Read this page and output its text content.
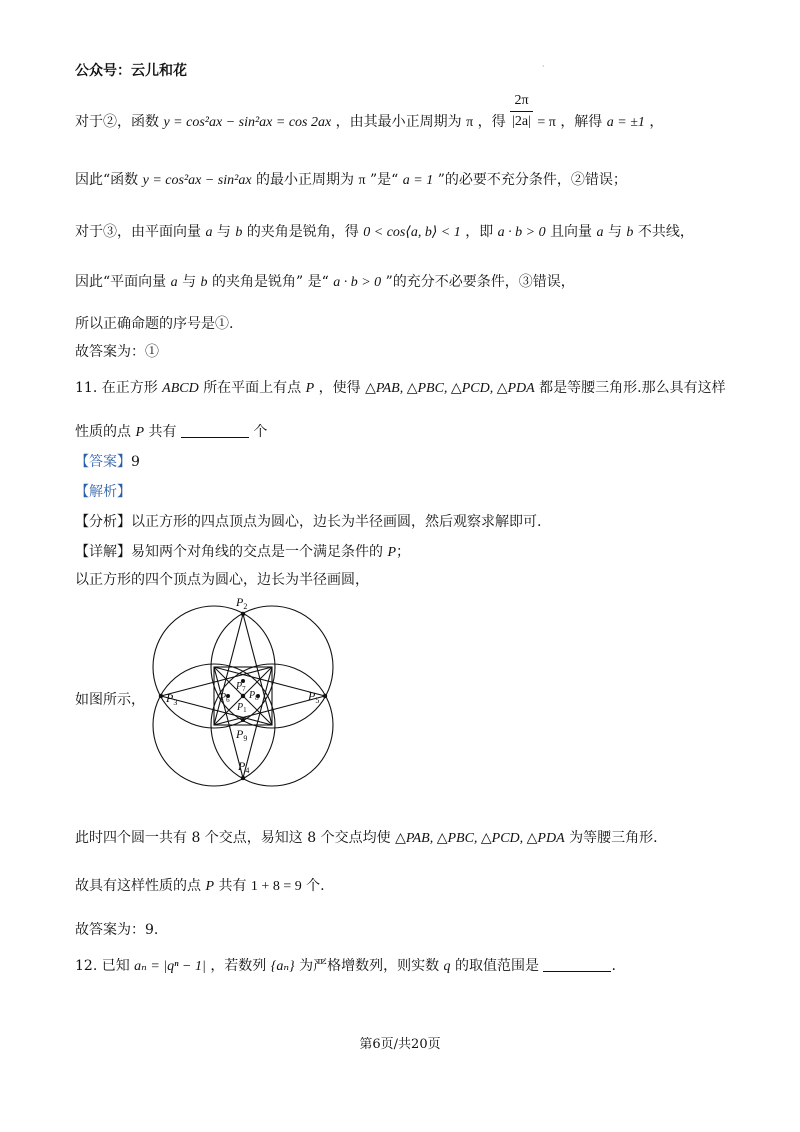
公众号：云儿和花	·
对于②，函数 y = cos²ax − sin²ax = cos 2ax ，由其最小正周期为 π ，得 $\frac{2\pi}{|2a|} = \pi$ ，解得 a = ±1 ，
因此“函数 y = cos²ax − sin²ax 的最小正周期为 π ”是“ a = 1 ”的必要不充分条件，②错误；
对于③，由平面向量 a 与 b 的夹角是锐角，得 0 < cos⟨a, b⟩ < 1 ，即 a · b > 0 且向量 a 与 b 不共线，
因此“平面向量 a 与 b 的夹角是锐角” 是“ a · b > 0 ”的充分不必要条件，③错误，
所以正确命题的序号是①.
故答案为：①
11. 在正方形 ABCD 所在平面上有点 P ，使得 △PAB, △PBC, △PCD, △PDA 都是等腰三角形.那么具有这样
性质的点 P 共有	个
【答案】9
【解析】
【分析】以正方形的四点顶点为圆心，边长为半径画圆，然后观察求解即可.
【详解】易知两个对角线的交点是一个满足条件的 P；
以正方形的四个顶点为圆心，边长为半径画圆，
如图所示，
$P_2$
$P_3$	$P_5$
$P_4$
$P_9$
$P_7$
$P_6$ $P_8$
$P_1$
此时四个圆一共有 8 个交点，易知这 8 个交点均使 △PAB, △PBC, △PCD, △PDA 为等腰三角形.
故具有这样性质的点 P 共有 1 + 8 = 9 个.
故答案为：9.
12. 已知 aₙ = |qⁿ − 1| ，若数列 {aₙ} 为严格增数列，则实数 q 的取值范围是	.
第6页/共20页
